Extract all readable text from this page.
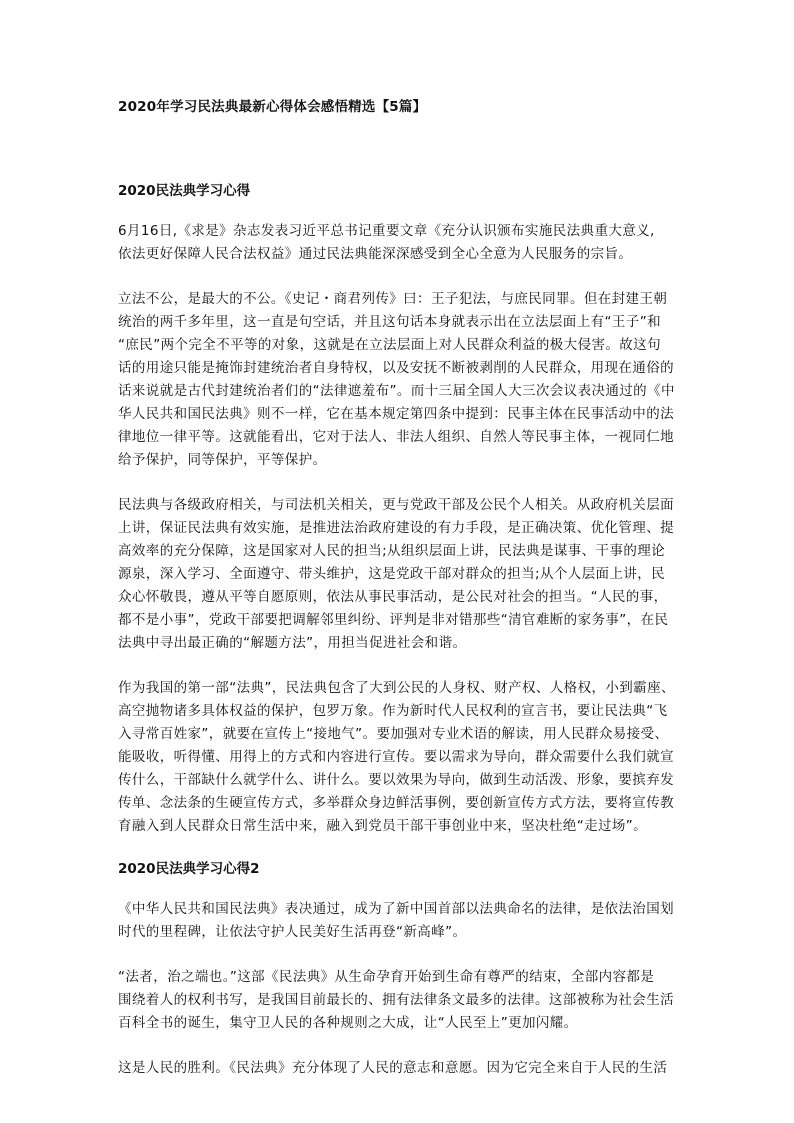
2020年学习民法典最新心得体会感悟精选【5篇】
2020民法典学习心得
6月16日,《求是》杂志发表习近平总书记重要文章《充分认识颁布实施民法典重大意义,
依法更好保障人民合法权益》通过民法典能深深感受到全心全意为人民服务的宗旨。
立法不公，是最大的不公。《史记・商君列传》曰：王子犯法，与庶民同罪。但在封建王朝
统治的两千多年里，这一直是句空话，并且这句话本身就表示出在立法层面上有“王子”和
“庶民”两个完全不平等的对象，这就是在立法层面上对人民群众利益的极大侵害。故这句
话的用途只能是掩饰封建统治者自身特权，以及安抚不断被剥削的人民群众，用现在通俗的
话来说就是古代封建统治者们的“法律遮羞布”。而十三届全国人大三次会议表决通过的《中
华人民共和国民法典》则不一样，它在基本规定第四条中提到：民事主体在民事活动中的法
律地位一律平等。这就能看出，它对于法人、非法人组织、自然人等民事主体，一视同仁地
给予保护，同等保护，平等保护。
民法典与各级政府相关，与司法机关相关，更与党政干部及公民个人相关。从政府机关层面
上讲，保证民法典有效实施，是推进法治政府建设的有力手段，是正确决策、优化管理、提
高效率的充分保障，这是国家对人民的担当;从组织层面上讲，民法典是谋事、干事的理论
源泉，深入学习、全面遵守、带头维护，这是党政干部对群众的担当;从个人层面上讲，民
众心怀敬畏，遵从平等自愿原则，依法从事民事活动，是公民对社会的担当。“人民的事，
都不是小事”，党政干部要把调解邻里纠纷、评判是非对错那些“清官难断的家务事”，在民
法典中寻出最正确的“解题方法”，用担当促进社会和谐。
作为我国的第一部“法典”，民法典包含了大到公民的人身权、财产权、人格权，小到霸座、
高空抛物诸多具体权益的保护，包罗万象。作为新时代人民权利的宣言书，要让民法典“飞
入寻常百姓家”，就要在宣传上“接地气”。要加强对专业术语的解读，用人民群众易接受、
能吸收，听得懂、用得上的方式和内容进行宣传。要以需求为导向，群众需要什么我们就宣
传什么，干部缺什么就学什么、讲什么。要以效果为导向，做到生动活泼、形象，要摈弃发
传单、念法条的生硬宣传方式，多举群众身边鲜活事例，要创新宣传方式方法，要将宣传教
育融入到人民群众日常生活中来，融入到党员干部干事创业中来，坚决杜绝“走过场”。
2020民法典学习心得2
《中华人民共和国民法典》表决通过，成为了新中国首部以法典命名的法律，是依法治国划
时代的里程碑，让依法守护人民美好生活再登“新高峰”。
“法者，治之端也。”这部《民法典》从生命孕育开始到生命有尊严的结束，全部内容都是
围绕着人的权利书写，是我国目前最长的、拥有法律条文最多的法律。这部被称为社会生活
百科全书的诞生，集守卫人民的各种规则之大成，让“人民至上”更加闪耀。
这是人民的胜利。《民法典》充分体现了人民的意志和意愿。因为它完全来自于人民的生活
